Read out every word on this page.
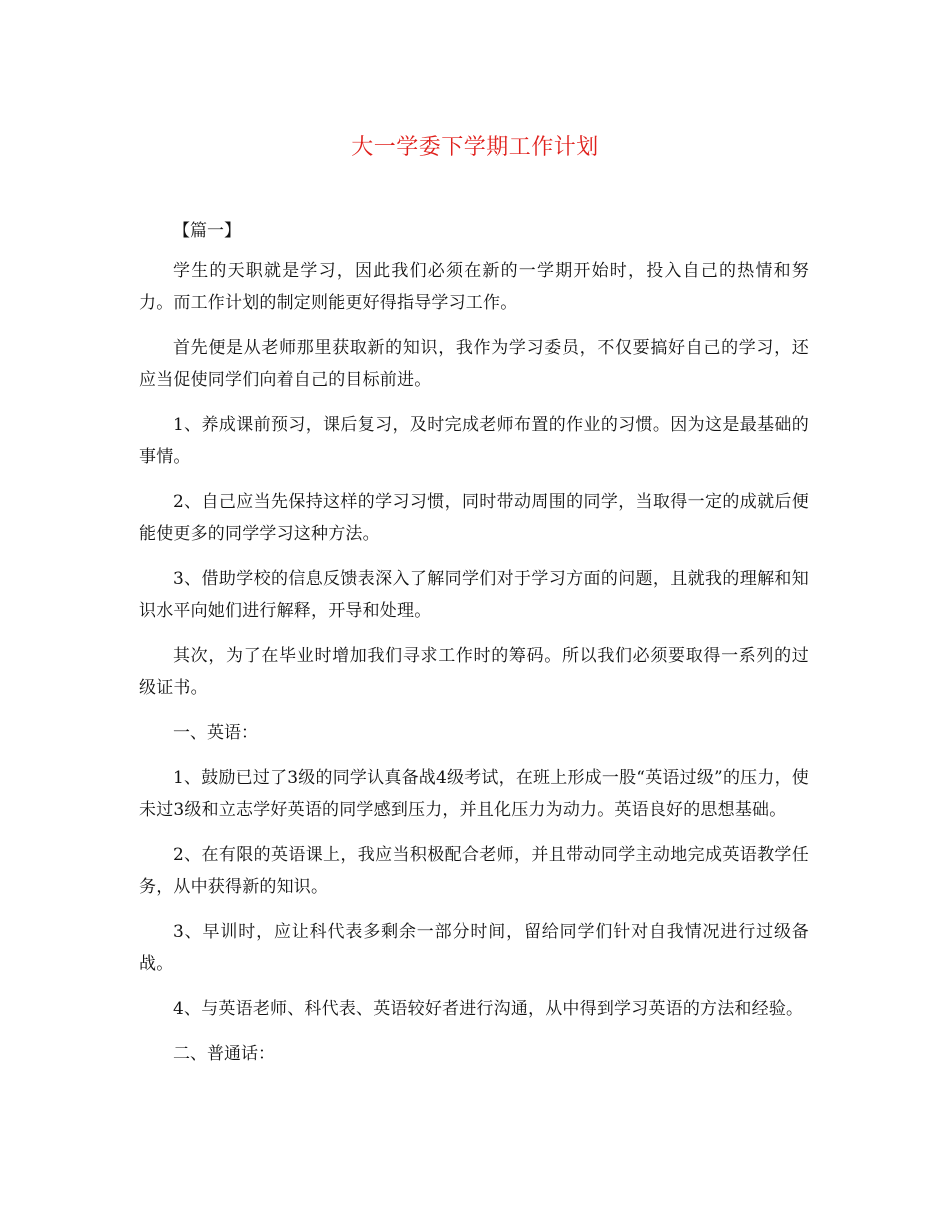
大一学委下学期工作计划
【篇一】

学生的天职就是学习，因此我们必须在新的一学期开始时，投入自己的热情和努力。而工作计划的制定则能更好得指导学习工作。

首先便是从老师那里获取新的知识，我作为学习委员，不仅要搞好自己的学习，还应当促使同学们向着自己的目标前进。

1、养成课前预习，课后复习，及时完成老师布置的作业的习惯。因为这是最基础的事情。

2、自己应当先保持这样的学习习惯，同时带动周围的同学，当取得一定的成就后便能使更多的同学学习这种方法。

3、借助学校的信息反馈表深入了解同学们对于学习方面的问题，且就我的理解和知识水平向她们进行解释，开导和处理。

其次，为了在毕业时增加我们寻求工作时的筹码。所以我们必须要取得一系列的过级证书。

一、英语：

1、鼓励已过了3级的同学认真备战4级考试，在班上形成一股“英语过级”的压力，使未过3级和立志学好英语的同学感到压力，并且化压力为动力。英语良好的思想基础。

2、在有限的英语课上，我应当积极配合老师，并且带动同学主动地完成英语教学任务，从中获得新的知识。

3、早训时，应让科代表多剩余一部分时间，留给同学们针对自我情况进行过级备战。

4、与英语老师、科代表、英语较好者进行沟通，从中得到学习英语的方法和经验。

二、普通话：
